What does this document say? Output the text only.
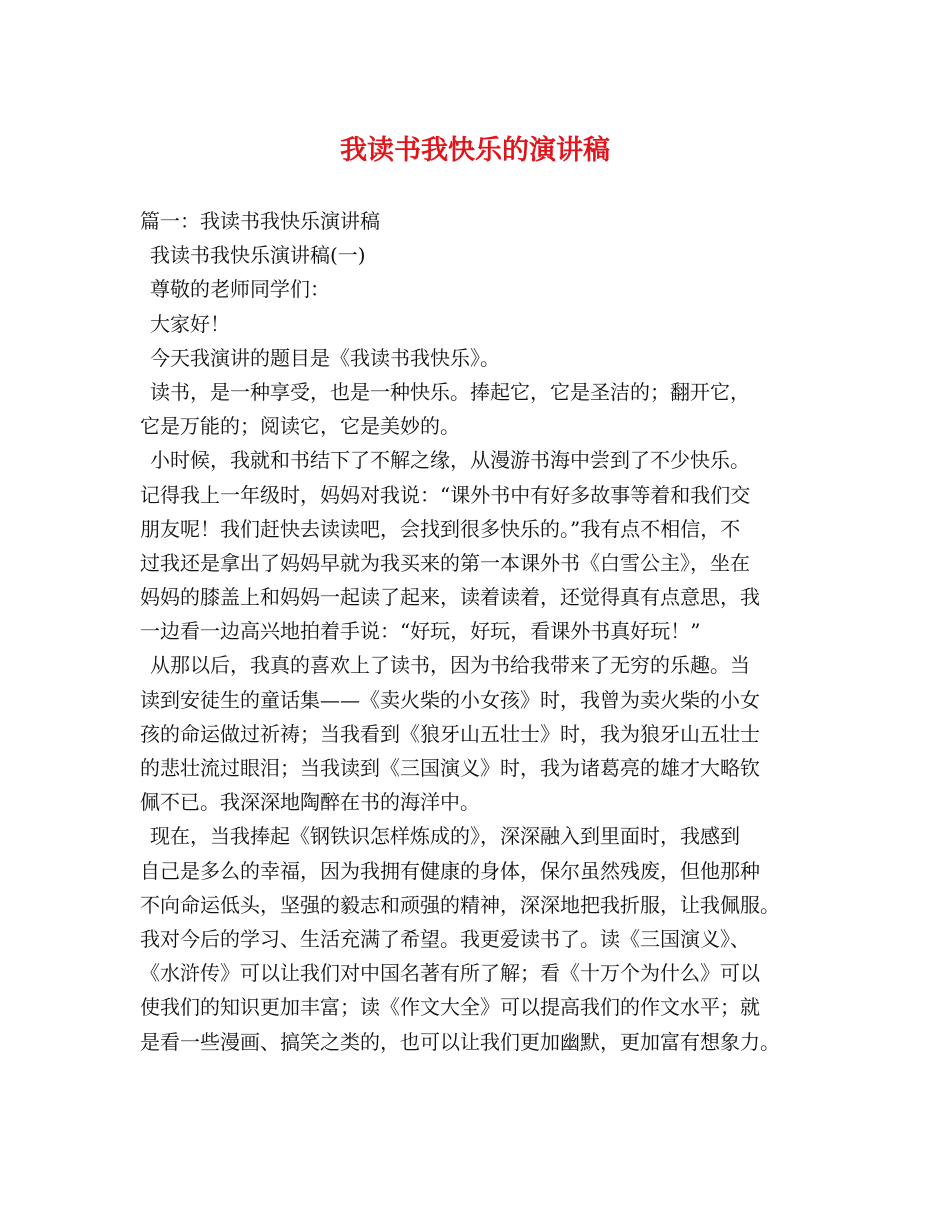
我读书我快乐的演讲稿
篇一：我读书我快乐演讲稿
我读书我快乐演讲稿(一)
尊敬的老师同学们：
大家好！
今天我演讲的题目是《我读书我快乐》。
读书，是一种享受，也是一种快乐。捧起它，它是圣洁的；翻开它，
它是万能的；阅读它，它是美妙的。
小时候，我就和书结下了不解之缘，从漫游书海中尝到了不少快乐。
记得我上一年级时，妈妈对我说：“课外书中有好多故事等着和我们交
朋友呢！我们赶快去读读吧，会找到很多快乐的。”我有点不相信，不
过我还是拿出了妈妈早就为我买来的第一本课外书《白雪公主》，坐在
妈妈的膝盖上和妈妈一起读了起来，读着读着，还觉得真有点意思，我
一边看一边高兴地拍着手说：“好玩，好玩，看课外书真好玩！”
从那以后，我真的喜欢上了读书，因为书给我带来了无穷的乐趣。当
读到安徒生的童话集——《卖火柴的小女孩》时，我曾为卖火柴的小女
孩的命运做过祈祷；当我看到《狼牙山五壮士》时，我为狼牙山五壮士
的悲壮流过眼泪；当我读到《三国演义》时，我为诸葛亮的雄才大略钦
佩不已。我深深地陶醉在书的海洋中。
现在，当我捧起《钢铁识怎样炼成的》，深深融入到里面时，我感到
自己是多么的幸福，因为我拥有健康的身体，保尔虽然残废，但他那种
不向命运低头，坚强的毅志和顽强的精神，深深地把我折服，让我佩服。
我对今后的学习、生活充满了希望。我更爱读书了。读《三国演义》、
《水浒传》可以让我们对中国名著有所了解；看《十万个为什么》可以
使我们的知识更加丰富；读《作文大全》可以提高我们的作文水平；就
是看一些漫画、搞笑之类的，也可以让我们更加幽默，更加富有想象力。
